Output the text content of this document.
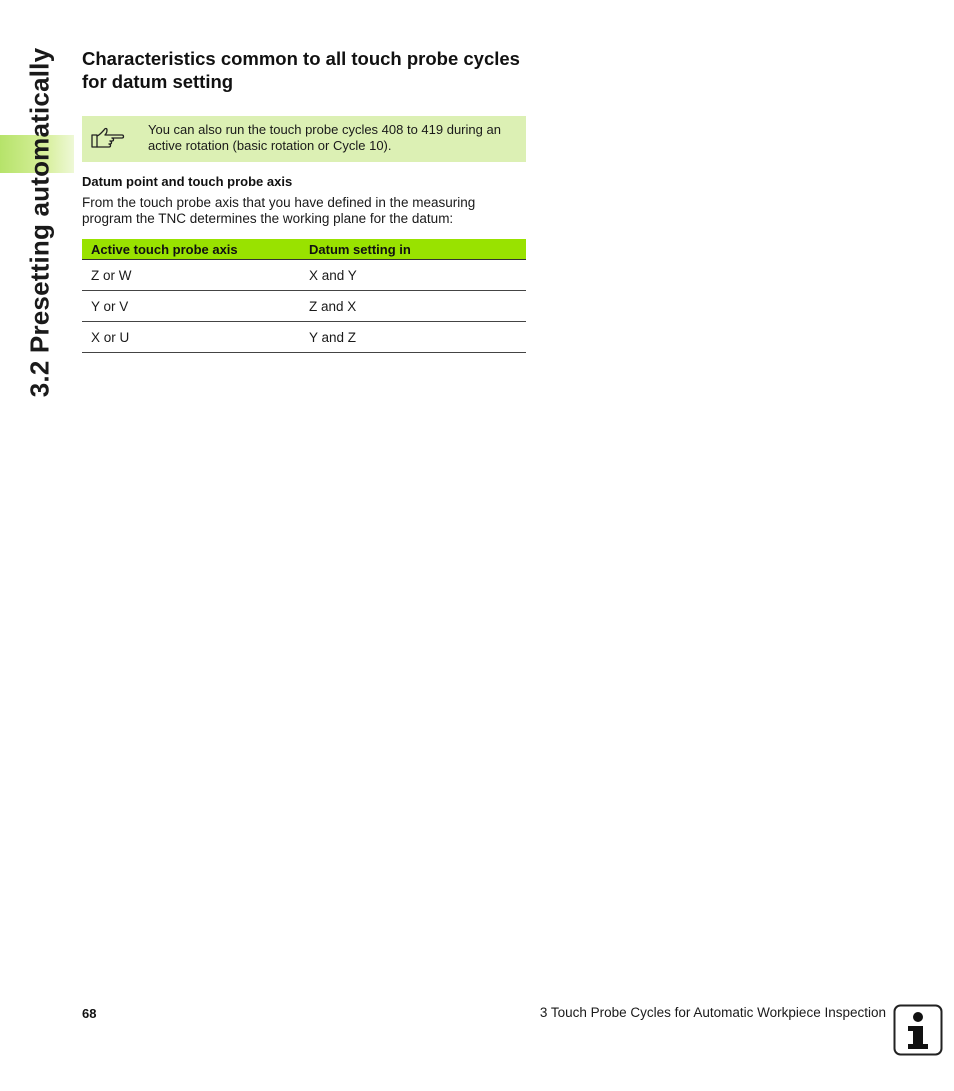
3.2 Presetting automatically Characteristics common to all touch probe cycles for datum setting
You can also run the touch probe cycles 408 to 419 during an active rotation (basic rotation or Cycle 10).
Datum point and touch probe axis

From the touch probe axis that you have defined in the measuring program the TNC determines the working plane for the datum:

Active touch probe axis	Datum setting in
Z or W	X and Y
Y or V	Z and X
X or U	Y and Z
68	3 Touch Probe Cycles for Automatic Workpiece Inspection
